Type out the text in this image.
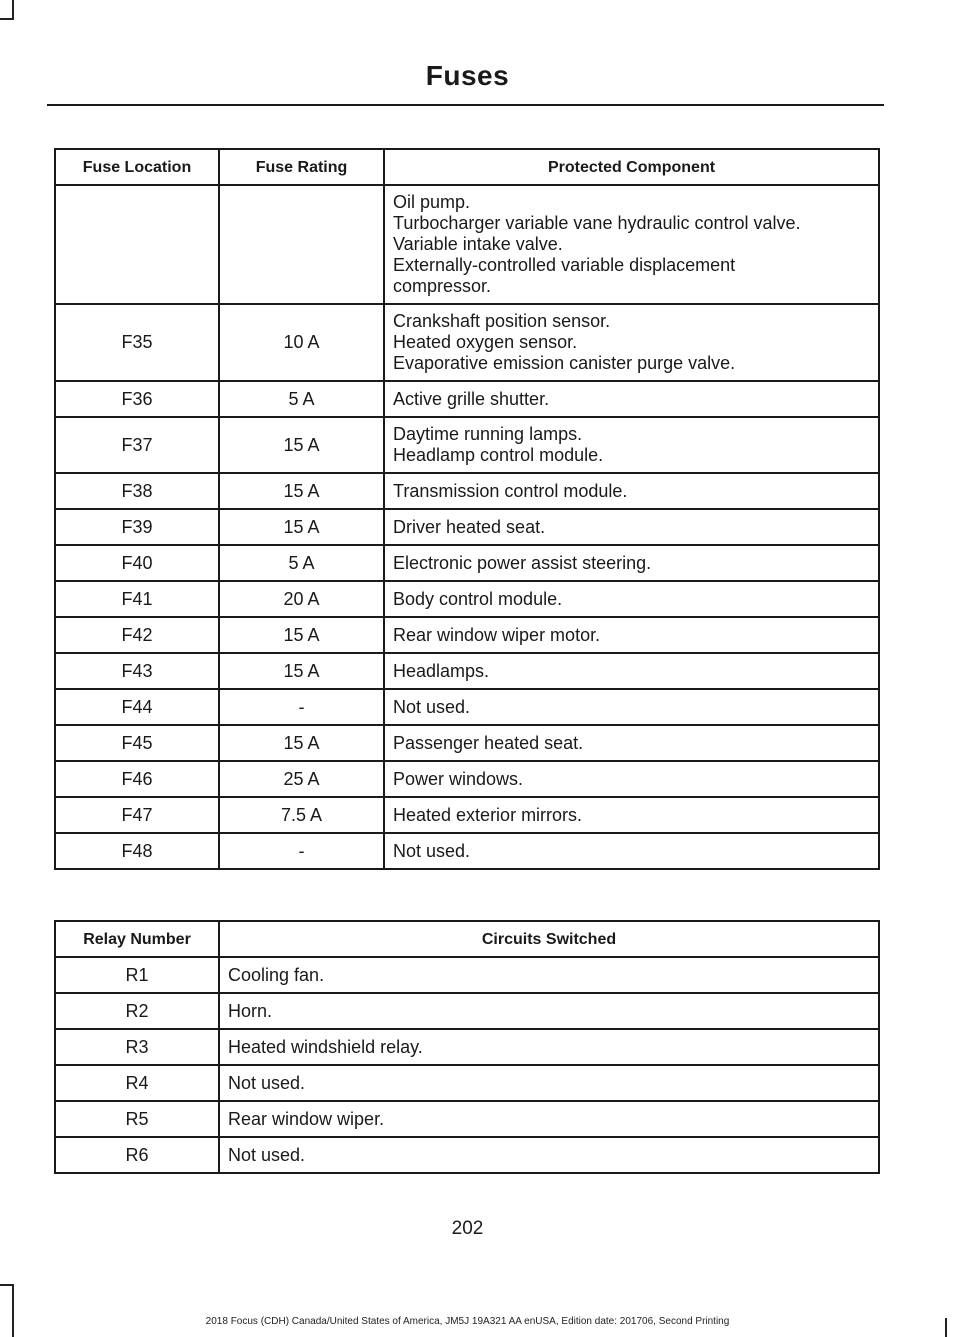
Fuses
Fuse Location	Fuse Rating	Protected Component

		Oil pump.
Turbocharger variable vane hydraulic control valve.
Variable intake valve.
Externally-controlled variable displacement
compressor.

F35	10 A	Crankshaft position sensor.
Heated oxygen sensor.
Evaporative emission canister purge valve.

F36	5 A	Active grille shutter.

F37	15 A	Daytime running lamps.
Headlamp control module.

F38	15 A	Transmission control module.

F39	15 A	Driver heated seat.

F40	5 A	Electronic power assist steering.

F41	20 A	Body control module.

F42	15 A	Rear window wiper motor.

F43	15 A	Headlamps.

F44	-	Not used.

F45	15 A	Passenger heated seat.

F46	25 A	Power windows.

F47	7.5 A	Heated exterior mirrors.

F48	-	Not used.
Relay Number	Circuits Switched
R1	Cooling fan.
R2	Horn.
R3	Heated windshield relay.
R4	Not used.
R5	Rear window wiper.
R6	Not used.
202
2018 Focus (CDH) Canada/United States of America, JM5J 19A321 AA enUSA, Edition date: 201706, Second Printing
